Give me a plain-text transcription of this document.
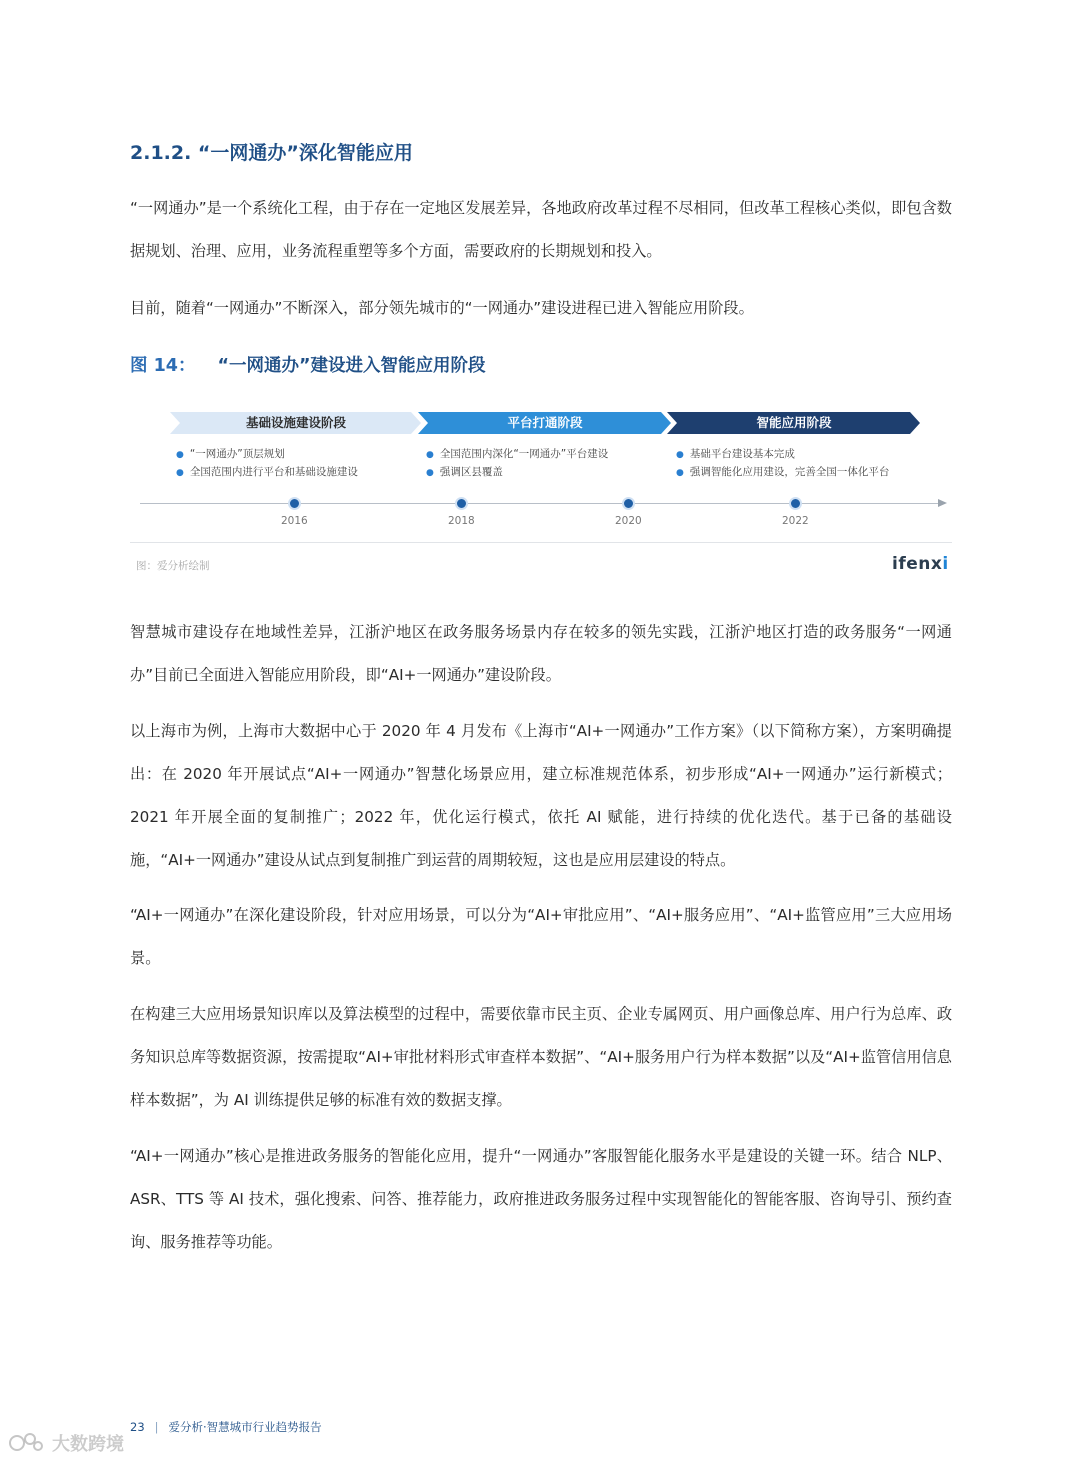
2.1.2. “一网通办”深化智能应用

“一网通办”是一个系统化工程，由于存在一定地区发展差异，各地政府改革过程不尽相同，但改革工程核心类似，即包含数据规划、治理、应用，业务流程重塑等多个方面，需要政府的长期规划和投入。

目前，随着“一网通办”不断深入，部分领先城市的“一网通办”建设进程已进入智能应用阶段。

图 14： “一网通办”建设进入智能应用阶段
基础设施建设阶段	平台打通阶段	智能应用阶段
● “一网通办”顶层规划
● 全国范围内进行平台和基础设施建设
● 全国范围内深化“一网通办”平台建设
● 强调区县覆盖
● 基础平台建设基本完成
● 强调智能化应用建设，完善全国一体化平台
2016	2018	2020	2022
图：爱分析绘制	ifenxi

智慧城市建设存在地域性差异，江浙沪地区在政务服务场景内存在较多的领先实践，江浙沪地区打造的政务服务“一网通办”目前已全面进入智能应用阶段，即“AI+一网通办”建设阶段。

以上海市为例，上海市大数据中心于 2020 年 4 月发布《上海市“AI+一网通办”工作方案》（以下简称方案），方案明确提出：在 2020 年开展试点“AI+一网通办”智慧化场景应用，建立标准规范体系，初步形成“AI+一网通办”运行新模式；2021 年开展全面的复制推广；2022 年，优化运行模式，依托 AI 赋能，进行持续的优化迭代。基于已备的基础设施，“AI+一网通办”建设从试点到复制推广到运营的周期较短，这也是应用层建设的特点。

“AI+一网通办”在深化建设阶段，针对应用场景，可以分为“AI+审批应用”、“AI+服务应用”、“AI+监管应用”三大应用场景。

在构建三大应用场景知识库以及算法模型的过程中，需要依靠市民主页、企业专属网页、用户画像总库、用户行为总库、政务知识总库等数据资源，按需提取“AI+审批材料形式审查样本数据”、“AI+服务用户行为样本数据”以及“AI+监管信用信息样本数据”，为 AI 训练提供足够的标准有效的数据支撑。

“AI+一网通办”核心是推进政务服务的智能化应用，提升“一网通办”客服智能化服务水平是建设的关键一环。结合 NLP、ASR、TTS 等 AI 技术，强化搜索、问答、推荐能力，政府推进政务服务过程中实现智能化的智能客服、咨询导引、预约查询、服务推荐等功能。

23 | 爱分析·智慧城市行业趋势报告
大数跨境
